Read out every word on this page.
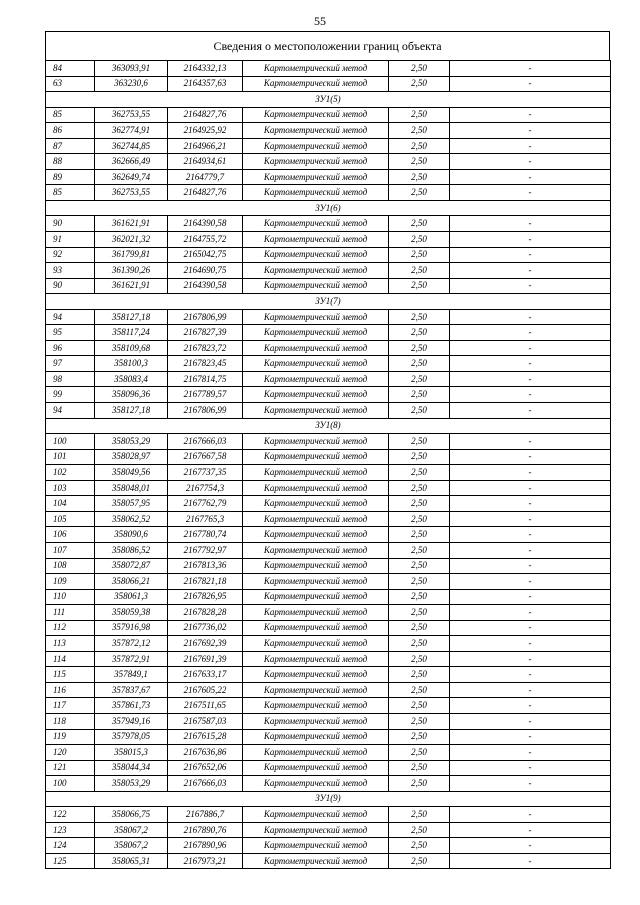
55
Сведения о местоположении границ объекта
84	363093,91	2164332,13	Картометрический метод	2,50	-
63	363230,6	2164357,63	Картометрический метод	2,50	-
ЗУ1(5)					
85	362753,55	2164827,76	Картометрический метод	2,50	-
86	362774,91	2164925,92	Картометрический метод	2,50	-
87	362744,85	2164966,21	Картометрический метод	2,50	-
88	362666,49	2164934,61	Картометрический метод	2,50	-
89	362649,74	2164779,7	Картометрический метод	2,50	-
85	362753,55	2164827,76	Картометрический метод	2,50	-
ЗУ1(6)					
90	361621,91	2164390,58	Картометрический метод	2,50	-
91	362021,32	2164755,72	Картометрический метод	2,50	-
92	361799,81	2165042,75	Картометрический метод	2,50	-
93	361390,26	2164690,75	Картометрический метод	2,50	-
90	361621,91	2164390,58	Картометрический метод	2,50	-
ЗУ1(7)					
94	358127,18	2167806,99	Картометрический метод	2,50	-
95	358117,24	2167827,39	Картометрический метод	2,50	-
96	358109,68	2167823,72	Картометрический метод	2,50	-
97	358100,3	2167823,45	Картометрический метод	2,50	-
98	358083,4	2167814,75	Картометрический метод	2,50	-
99	358096,36	2167789,57	Картометрический метод	2,50	-
94	358127,18	2167806,99	Картометрический метод	2,50	-
ЗУ1(8)					
100	358053,29	2167666,03	Картометрический метод	2,50	-
101	358028,97	2167667,58	Картометрический метод	2,50	-
102	358049,56	2167737,35	Картометрический метод	2,50	-
103	358048,01	2167754,3	Картометрический метод	2,50	-
104	358057,95	2167762,79	Картометрический метод	2,50	-
105	358062,52	2167765,3	Картометрический метод	2,50	-
106	358090,6	2167780,74	Картометрический метод	2,50	-
107	358086,52	2167792,97	Картометрический метод	2,50	-
108	358072,87	2167813,36	Картометрический метод	2,50	-
109	358066,21	2167821,18	Картометрический метод	2,50	-
110	358061,3	2167826,95	Картометрический метод	2,50	-
111	358059,38	2167828,28	Картометрический метод	2,50	-
112	357916,98	2167736,02	Картометрический метод	2,50	-
113	357872,12	2167692,39	Картометрический метод	2,50	-
114	357872,91	2167691,39	Картометрический метод	2,50	-
115	357849,1	2167633,17	Картометрический метод	2,50	-
116	357837,67	2167605,22	Картометрический метод	2,50	-
117	357861,73	2167511,65	Картометрический метод	2,50	-
118	357949,16	2167587,03	Картометрический метод	2,50	-
119	357978,05	2167615,28	Картометрический метод	2,50	-
120	358015,3	2167636,86	Картометрический метод	2,50	-
121	358044,34	2167652,06	Картометрический метод	2,50	-
100	358053,29	2167666,03	Картометрический метод	2,50	-
ЗУ1(9)					
122	358066,75	2167886,7	Картометрический метод	2,50	-
123	358067,2	2167890,76	Картометрический метод	2,50	-
124	358067,2	2167890,96	Картометрический метод	2,50	-
125	358065,31	2167973,21	Картометрический метод	2,50	-
